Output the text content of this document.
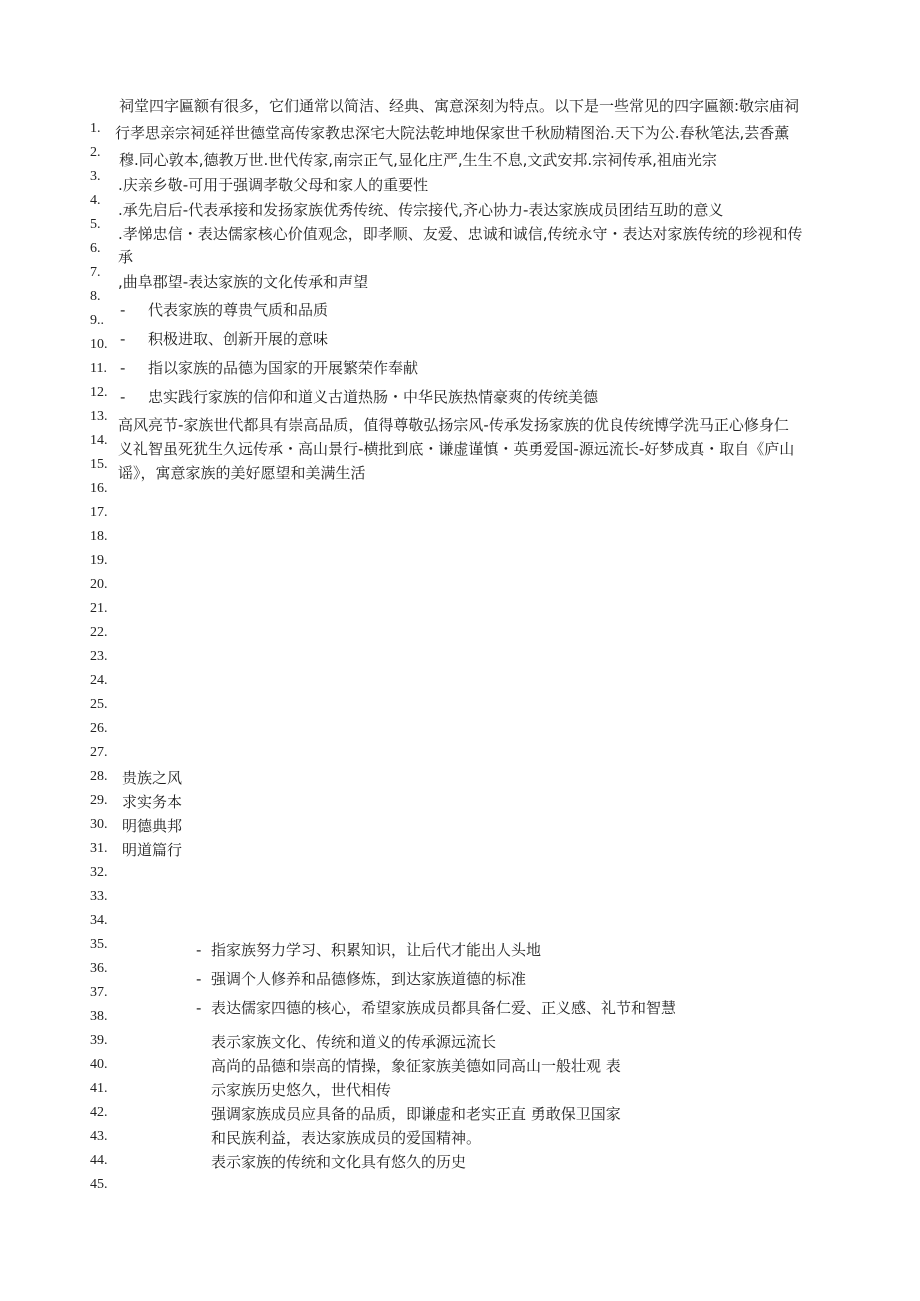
1.
2.
3.
4.
5.
6.
7.
8.
9..
10.
11.
12.
13.
14.
15.
16.
17.
18.
19.
20.
21.
22.
23.
24.
25.
26.
27.
28.
29.
30.
31.
32.
33.
34.
35.
36.
37.
38.
39.
40.
41.
42.
43.
44.
45.
祠堂四字匾额有很多，它们通常以简洁、经典、寓意深刻为特点。以下是一些常见的四字匾额:敬宗庙祠
行孝思亲宗祠延祥世德堂高传家教忠深宅大院法乾坤地保家世千秋励精图治.天下为公.春秋笔法,芸香薰
穆.同心敦本,德教万世.世代传家,南宗正气,显化庄严,生生不息,文武安邦.宗祠传承,祖庙光宗
.庆亲乡敬-可用于强调孝敬父母和家人的重要性
.承先启后-代表承接和发扬家族优秀传统、传宗接代,齐心协力-表达家族成员团结互助的意义
.孝悌忠信・表达儒家核心价值观念，即孝顺、友爱、忠诚和诚信,传统永守・表达对家族传统的珍视和传
承
,曲阜郡望-表达家族的文化传承和声望
- 代表家族的尊贵气质和品质
- 积极进取、创新开展的意味
- 指以家族的品德为国家的开展繁荣作奉献
- 忠实践行家族的信仰和道义古道热肠・中华民族热情豪爽的传统美德
高风亮节-家族世代都具有崇高品质，值得尊敬弘扬宗风-传承发扬家族的优良传统博学洗马正心修身仁
义礼智虽死犹生久远传承・高山景行-横批到底・谦虚谨慎・英勇爱国-源远流长-好梦成真・取自《庐山
谣》，寓意家族的美好愿望和美满生活
贵族之风
求实务本
明德典邦
明道篇行
- 指家族努力学习、积累知识，让后代才能出人头地
- 强调个人修养和品德修炼，到达家族道德的标准
- 表达儒家四德的核心，希望家族成员都具备仁爱、正义感、礼节和智慧
表示家族文化、传统和道义的传承源远流长
高尚的品德和崇高的情操，象征家族美德如同高山一般壮观 表
示家族历史悠久，世代相传
强调家族成员应具备的品质，即谦虚和老实正直 勇敢保卫国家
和民族利益，表达家族成员的爱国精神。
表示家族的传统和文化具有悠久的历史
